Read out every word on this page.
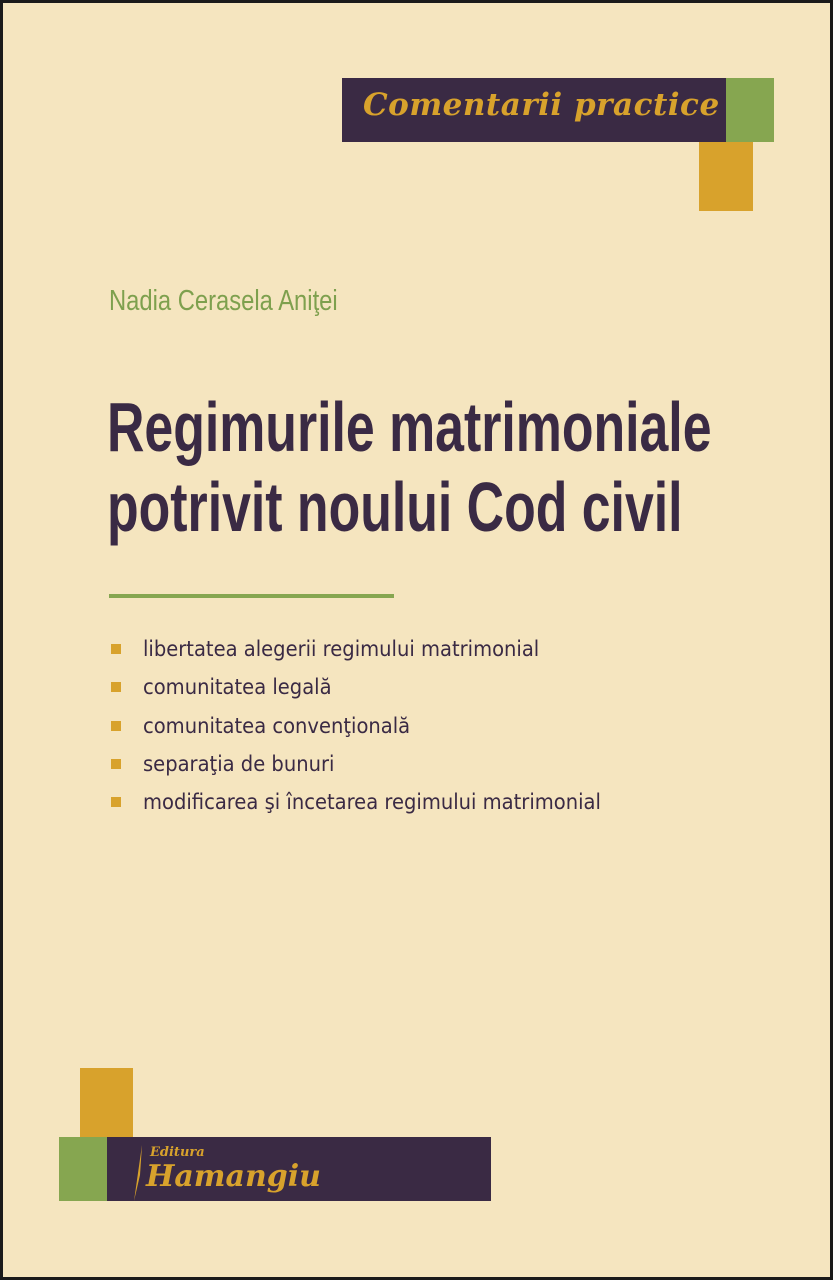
Comentarii practice
Nadia Cerasela Aniţei
Regimurile matrimoniale
potrivit noului Cod civil
libertatea alegerii regimului matrimonial
comunitatea legală
comunitatea convenţională
separaţia de bunuri
modificarea şi încetarea regimului matrimonial
Editura
Hamangiu
